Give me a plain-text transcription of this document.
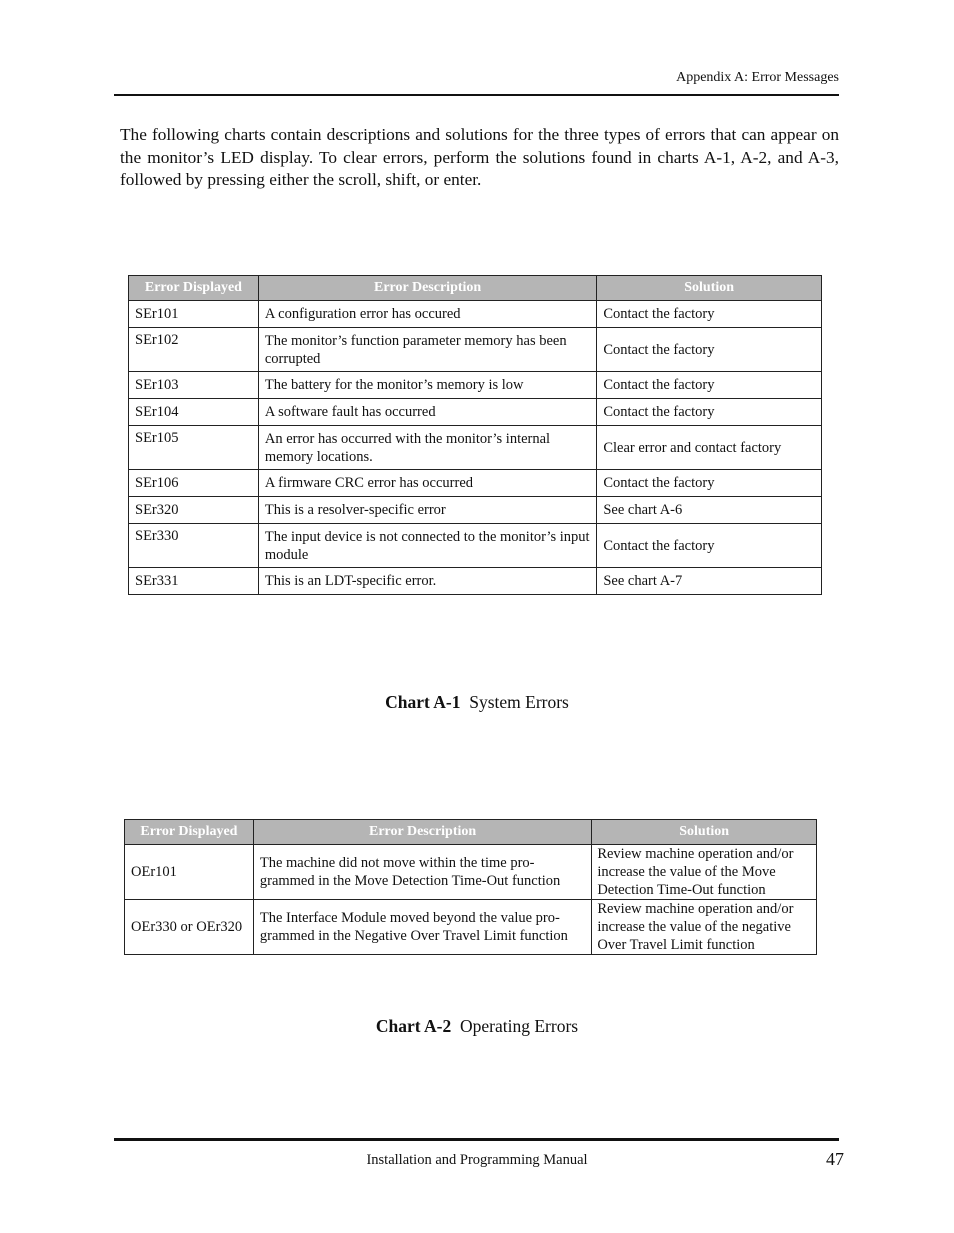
Appendix A: Error Messages

The following charts contain descriptions and solutions for the three types of errors that can appear on the monitor’s LED display. To clear errors, perform the solutions found in charts A-1, A-2, and A-3, followed by pressing either the scroll, shift, or enter.

Error Displayed	Error Description	Solution
SEr101	A configuration error has occured	Contact the factory
SEr102	The monitor’s function parameter memory has been corrupted	Contact the factory
SEr103	The battery for the monitor’s memory is low	Contact the factory
SEr104	A software fault has occurred	Contact the factory
SEr105	An error has occurred with the monitor’s internal memory locations.	Clear error and contact factory
SEr106	A firmware CRC error has occurred	Contact the factory
SEr320	This is a resolver-specific error	See chart A-6
SEr330	The input device is not connected to the monitor’s input module	Contact the factory
SEr331	This is an LDT-specific error.	See chart A-7
Chart A-1 System Errors
Error Displayed	Error Description	Solution
OEr101	The machine did not move within the time pro-grammed in the Move Detection Time-Out function	Review machine operation and/or increase the value of the Move Detection Time-Out function
OEr330 or OEr320	The Interface Module moved beyond the value pro-grammed in the Negative Over Travel Limit function	Review machine operation and/or increase the value of the negative Over Travel Limit function
Chart A-2 Operating Errors
Installation and Programming Manual	47
